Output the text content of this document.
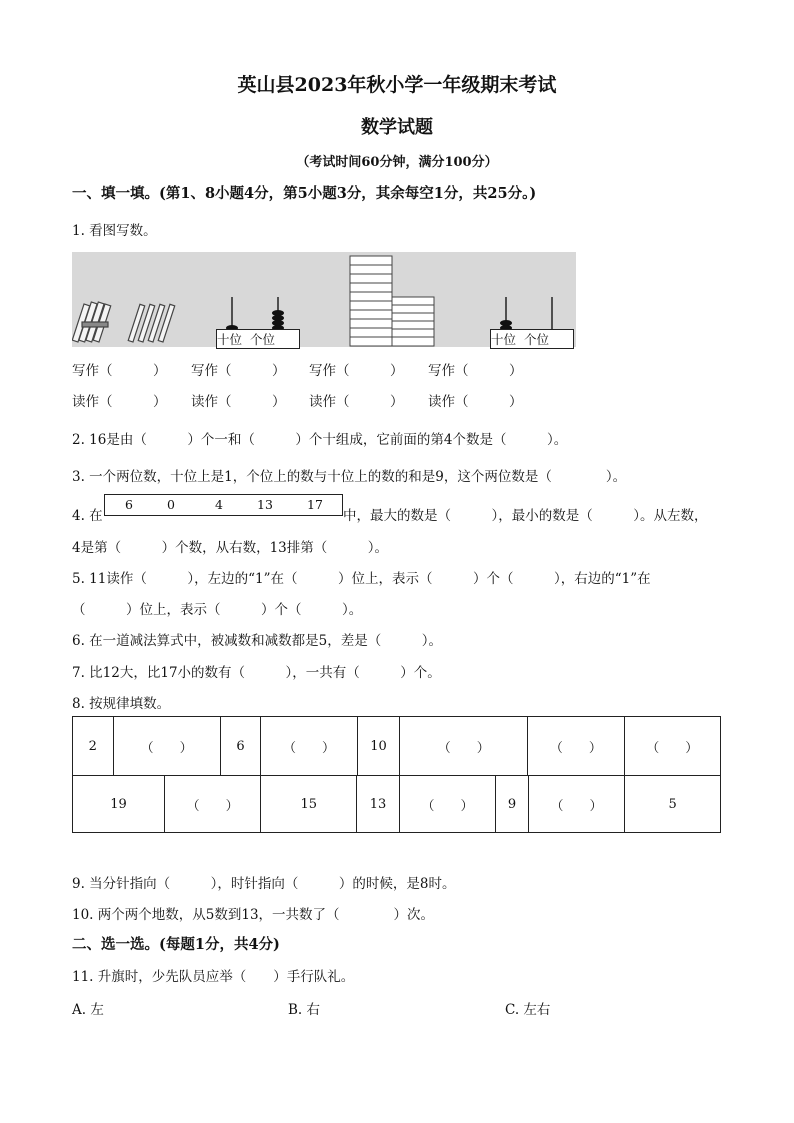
英山县2023年秋小学一年级期末考试
数学试题
（考试时间60分钟，满分100分）
一、填一填。(第1、8小题4分，第5小题3分，其余每空1分，共25分。)
1. 看图写数。
十位 个位	十位 个位
写作（　　　） 写作（　　　） 写作（　　　） 写作（　　　）
读作（　　　） 读作（　　　） 读作（　　　） 读作（　　　）
2. 16是由（　　　）个一和（　　　）个十组成，它前面的第4个数是（　　　）。
3. 一个两位数，十位上是1，个位上的数与十位上的数的和是9，这个两位数是（　　　　）。
4. 在
6	0	4	13	17
中，最大的数是（　　　），最小的数是（　　　）。从左数，
4是第（　　　）个数，从右数，13排第（　　　）。
5. 11读作（　　　），左边的“1”在（　　　）位上，表示（　　　）个（　　　），右边的“1”在
（　　　）位上，表示（　　　）个（　　　）。
6. 在一道减法算式中，被减数和减数都是5，差是（　　　）。
7. 比12大，比17小的数有（　　　），一共有（　　　）个。
8. 按规律填数。
2	（　　）	6	（　　）	10	（　　）	（　　）	（　　）
19	（　　）	15	13	（　　）	9	（　　）	5
9. 当分针指向（　　　），时针指向（　　　）的时候，是8时。
10. 两个两个地数，从5数到13，一共数了（　　　　）次。
二、选一选。(每题1分，共4分)
11. 升旗时，少先队员应举（　　）手行队礼。
A. 左	B. 右	C. 左右
